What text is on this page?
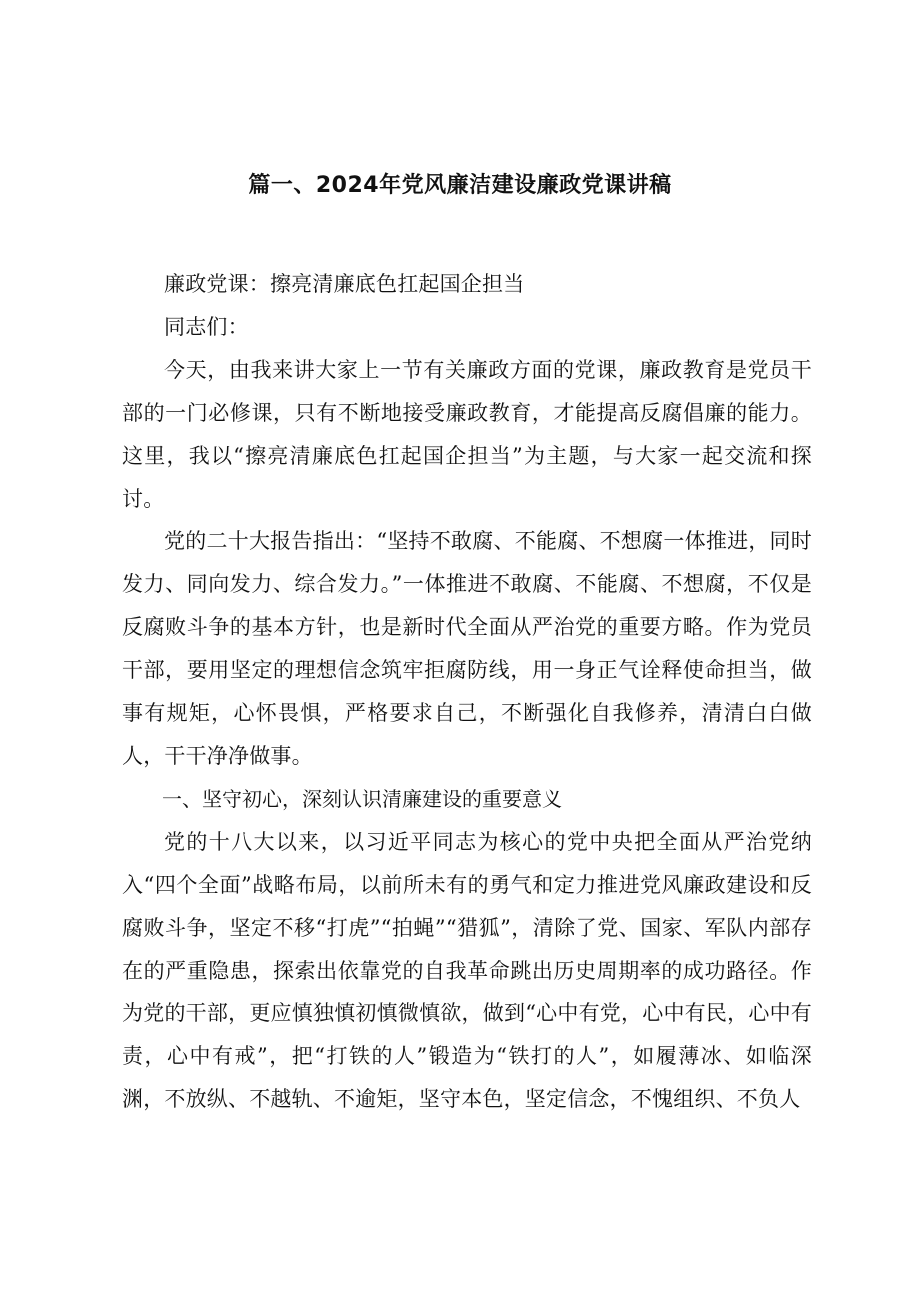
篇一、2024年党风廉洁建设廉政党课讲稿

廉政党课：擦亮清廉底色扛起国企担当

同志们：

今天，由我来讲大家上一节有关廉政方面的党课，廉政教育是党员干部的一门必修课，只有不断地接受廉政教育，才能提高反腐倡廉的能力。这里，我以“擦亮清廉底色扛起国企担当”为主题，与大家一起交流和探讨。

党的二十大报告指出：“坚持不敢腐、不能腐、不想腐一体推进，同时发力、同向发力、综合发力。”一体推进不敢腐、不能腐、不想腐，不仅是反腐败斗争的基本方针，也是新时代全面从严治党的重要方略。作为党员干部，要用坚定的理想信念筑牢拒腐防线，用一身正气诠释使命担当，做事有规矩，心怀畏惧，严格要求自己，不断强化自我修养，清清白白做人，干干净净做事。

一、坚守初心，深刻认识清廉建设的重要意义

党的十八大以来，以习近平同志为核心的党中央把全面从严治党纳入“四个全面”战略布局，以前所未有的勇气和定力推进党风廉政建设和反腐败斗争，坚定不移“打虎”“拍蝇”“猎狐”，清除了党、国家、军队内部存在的严重隐患，探索出依靠党的自我革命跳出历史周期率的成功路径。作为党的干部，更应慎独慎初慎微慎欲，做到“心中有党，心中有民，心中有责，心中有戒”，把“打铁的人”锻造为“铁打的人”，如履薄冰、如临深渊，不放纵、不越轨、不逾矩，坚守本色，坚定信念，不愧组织、不负人
